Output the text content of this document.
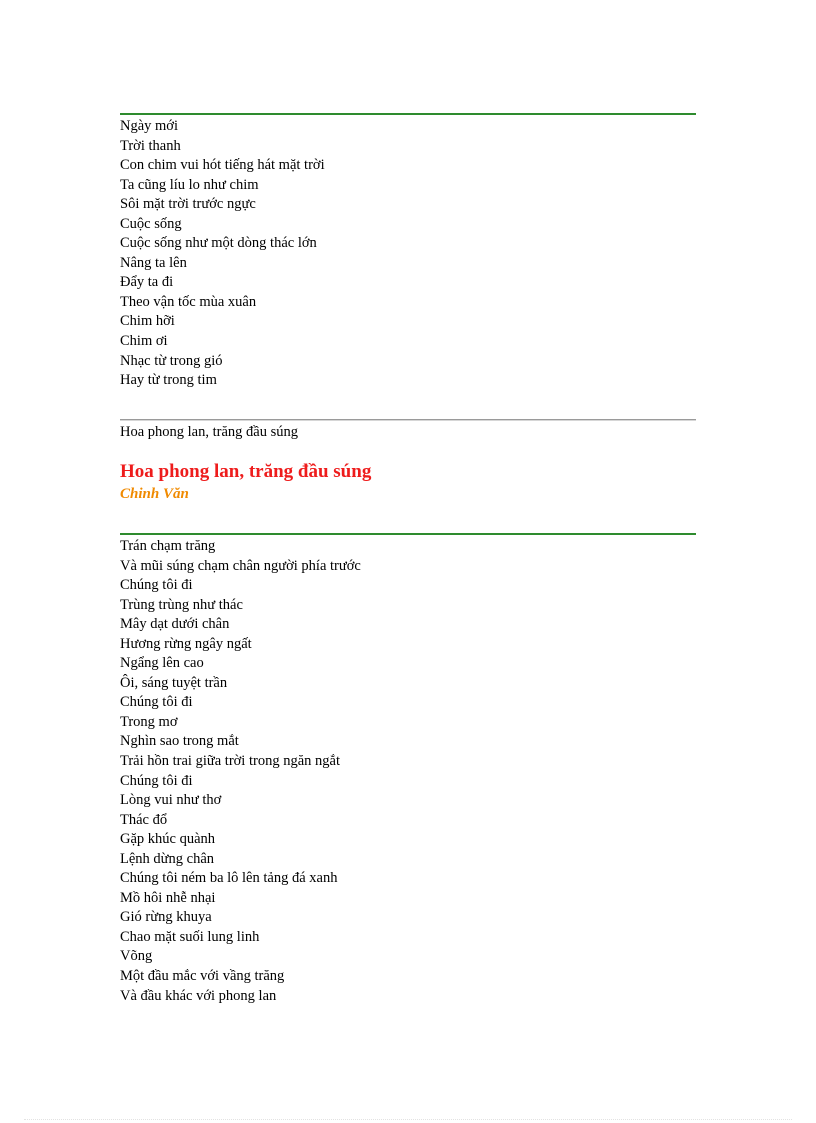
Ngày mới
Trời thanh
Con chim vui hót tiếng hát mặt trời
Ta cũng líu lo như chim
Sôi mặt trời trước ngực
Cuộc sống
Cuộc sống như một dòng thác lớn
Nâng ta lên
Đẩy ta đi
Theo vận tốc mùa xuân
Chim hỡi
Chim ơi
Nhạc từ trong gió
Hay từ trong tim
Hoa phong lan, trăng đầu súng
Hoa phong lan, trăng đầu súng
Chinh Văn
Trán chạm trăng
Và mũi súng chạm chân người phía trước
Chúng tôi đi
Trùng trùng như thác
Mây dạt dưới chân
Hương rừng ngây ngất
Ngẩng lên cao
Ôi, sáng tuyệt trần
Chúng tôi đi
Trong mơ
Nghìn sao trong mắt
Trải hồn trai giữa trời trong ngăn ngắt
Chúng tôi đi
Lòng vui như thơ
Thác đổ
Gặp khúc quành
Lệnh dừng chân
Chúng tôi ném ba lô lên tảng đá xanh
Mồ hôi nhễ nhại
Gió rừng khuya
Chao mặt suối lung linh
Võng
Một đầu mắc với vầng trăng
Và đầu khác với phong lan
